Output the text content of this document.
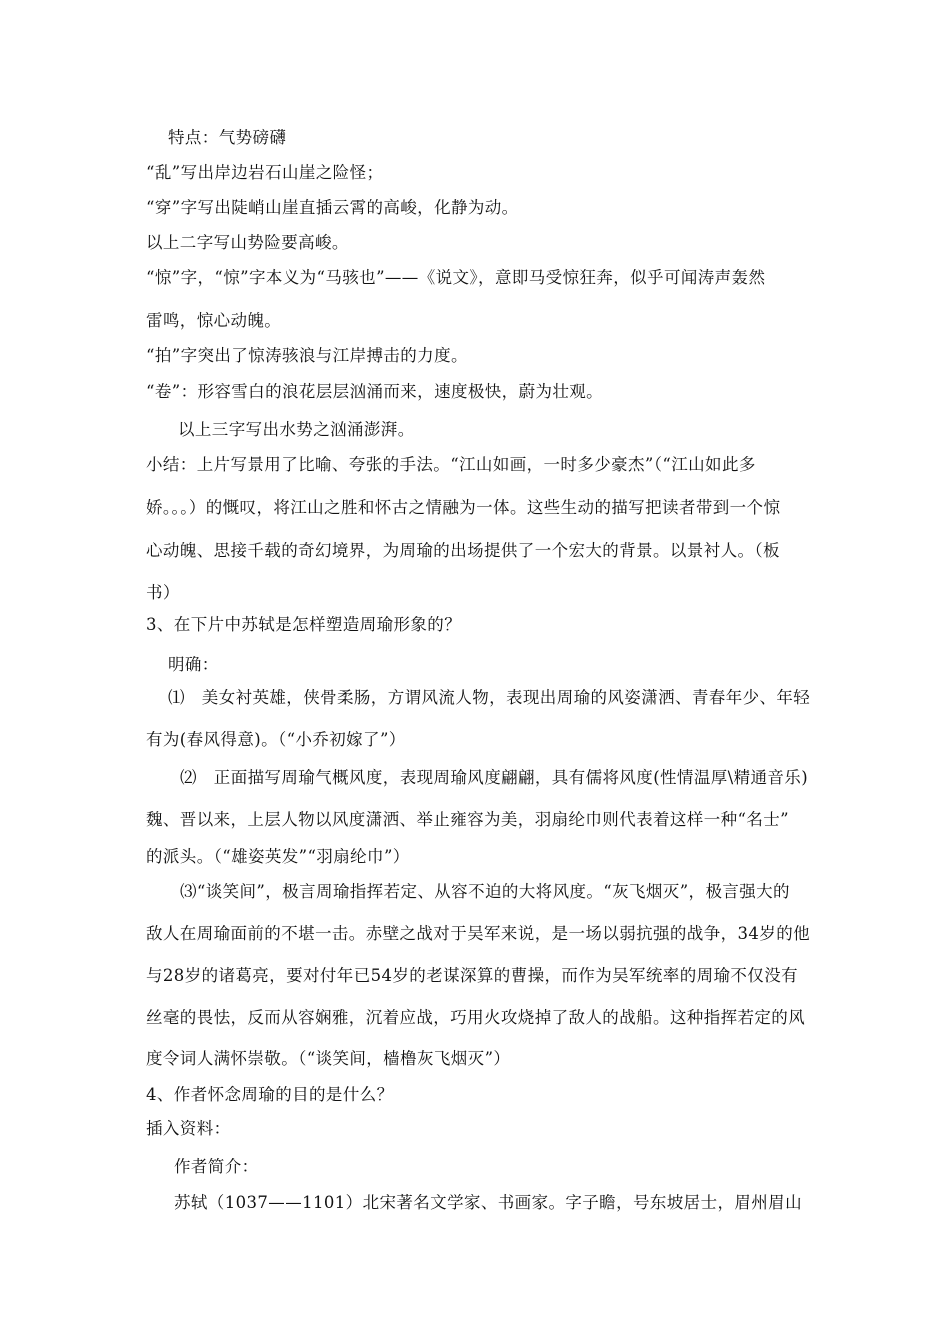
特点：气势磅礴

“乱”写出岸边岩石山崖之险怪；

“穿”字写出陡峭山崖直插云霄的高峻，化静为动。

以上二字写山势险要高峻。

“惊”字，“惊”字本义为“马骇也”——《说文》，意即马受惊狂奔，似乎可闻涛声轰然

雷鸣，惊心动魄。

“拍”字突出了惊涛骇浪与江岸搏击的力度。

“卷”：形容雪白的浪花层层汹涌而来，速度极快，蔚为壮观。

以上三字写出水势之汹涌澎湃。

小结：上片写景用了比喻、夸张的手法。“江山如画，一时多少豪杰”（“江山如此多

娇。。。）的慨叹，将江山之胜和怀古之情融为一体。这些生动的描写把读者带到一个惊

心动魄、思接千载的奇幻境界，为周瑜的出场提供了一个宏大的背景。以景衬人。（板

书）

3、在下片中苏轼是怎样塑造周瑜形象的？

明确：

⑴　美女衬英雄，侠骨柔肠，方谓风流人物，表现出周瑜的风姿潇洒、青春年少、年轻

有为(春风得意)。（“小乔初嫁了”）

⑵　正面描写周瑜气概风度，表现周瑜风度翩翩，具有儒将风度(性情温厚\精通音乐)

魏、晋以来，上层人物以风度潇洒、举止雍容为美，羽扇纶巾则代表着这样一种“名士”

的派头。（“雄姿英发”“羽扇纶巾”）

⑶“谈笑间”，极言周瑜指挥若定、从容不迫的大将风度。“灰飞烟灭”，极言强大的

敌人在周瑜面前的不堪一击。赤壁之战对于吴军来说，是一场以弱抗强的战争，34岁的他

与28岁的诸葛亮，要对付年已54岁的老谋深算的曹操，而作为吴军统率的周瑜不仅没有

丝毫的畏怯，反而从容娴雅，沉着应战，巧用火攻烧掉了敌人的战船。这种指挥若定的风

度令词人满怀崇敬。（“谈笑间，樯橹灰飞烟灭”）

4、作者怀念周瑜的目的是什么？

插入资料：

作者简介：

苏轼（1037——1101）北宋著名文学家、书画家。字子瞻，号东坡居士，眉州眉山
